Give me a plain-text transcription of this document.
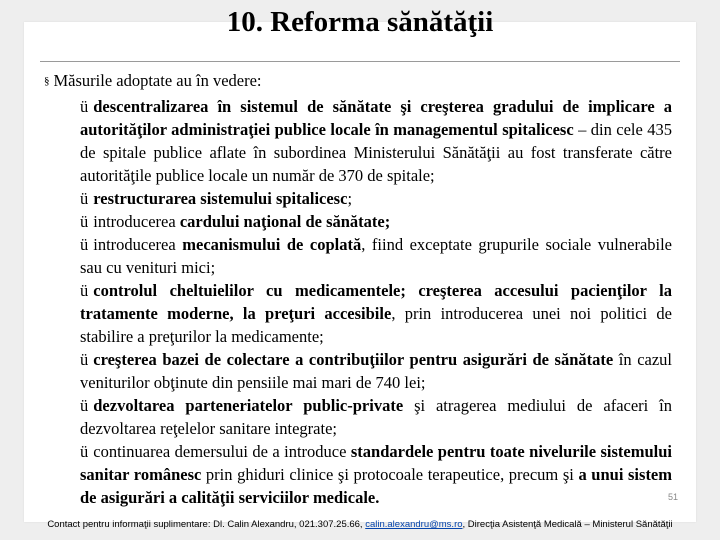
10. Reforma sănătăţii
§ Măsurile adoptate au în vedere:

ü descentralizarea în sistemul de sănătate şi creşterea gradului de implicare a autorităţilor administraţiei publice locale în managementul spitalicesc – din cele 435 de spitale publice aflate în subordinea Ministerului Sănătăţii au fost transferate către autorităţile publice locale un număr de 370 de spitale;

ü restructurarea sistemului spitalicesc;

ü introducerea cardului naţional de sănătate;

ü introducerea mecanismului de coplată, fiind exceptate grupurile sociale vulnerabile sau cu venituri mici;

ü controlul cheltuielilor cu medicamentele; creşterea accesului pacienţilor la tratamente moderne, la preţuri accesibile, prin introducerea unei noi politici de stabilire a preţurilor la medicamente;

ü creşterea bazei de colectare a contribuţiilor pentru asigurări de sănătate în cazul veniturilor obţinute din pensiile mai mari de 740 lei;

ü dezvoltarea parteneriatelor public-private şi atragerea mediului de afaceri în dezvoltarea reţelelor sanitare integrate;

ü continuarea demersului de a introduce standardele pentru toate nivelurile sistemului sanitar românesc prin ghiduri clinice şi protocoale terapeutice, precum şi a unui sistem de asigurări a calităţii serviciilor medicale.	51
Contact pentru informaţii suplimentare: Dl. Calin Alexandru, 021.307.25.66, calin.alexandru@ms.ro, Direcţia Asistenţă Medicală – Ministerul Sănătăţii
